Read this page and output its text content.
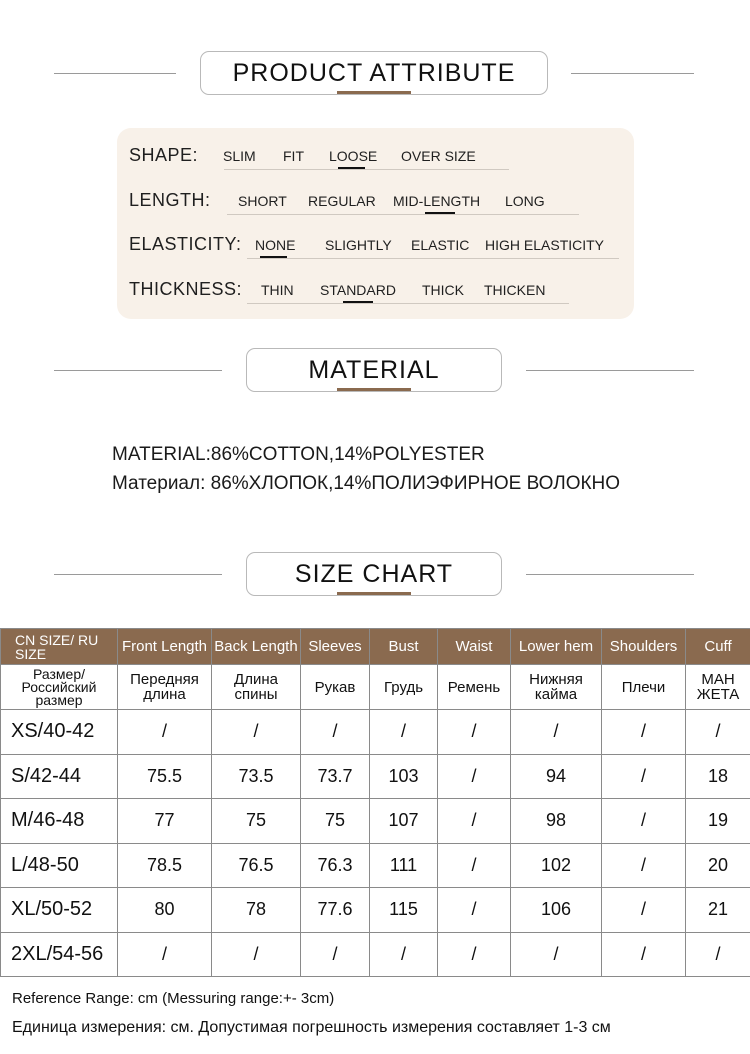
PRODUCT ATTRIBUTE
SHAPE: SLIM FIT LOOSE OVER SIZE
LENGTH: SHORT REGULAR MID-LENGTH LONG
ELASTICITY: NONE SLIGHTLY ELASTIC HIGH ELASTICITY
THICKNESS: THIN STANDARD THICK THICKEN
MATERIAL
MATERIAL:86%COTTON,14%POLYESTER
Материал: 86%ХЛОПОК,14%ПОЛИЭФИРНОЕ ВОЛОКНО
SIZE CHART
CN SIZE/ RU SIZE	Front Length	Back Length	Sleeves	Bust	Waist	Lower hem	Shoulders	Cuff
Размер/ Российский размер	Передняя длина	Длина спины	Рукав	Грудь	Ремень	Нижняя кайма	Плечи	МАН ЖЕТА
XS/40-42	/	/	/	/	/	/	/	/
S/42-44	75.5	73.5	73.7	103	/	94	/	18
M/46-48	77	75	75	107	/	98	/	19
L/48-50	78.5	76.5	76.3	111	/	102	/	20
XL/50-52	80	78	77.6	115	/	106	/	21
2XL/54-56	/	/	/	/	/	/	/	/
Reference Range: cm (Messuring range:+- 3cm)
Единица измерения: см. Допустимая погрешность измерения составляет 1-3 см
